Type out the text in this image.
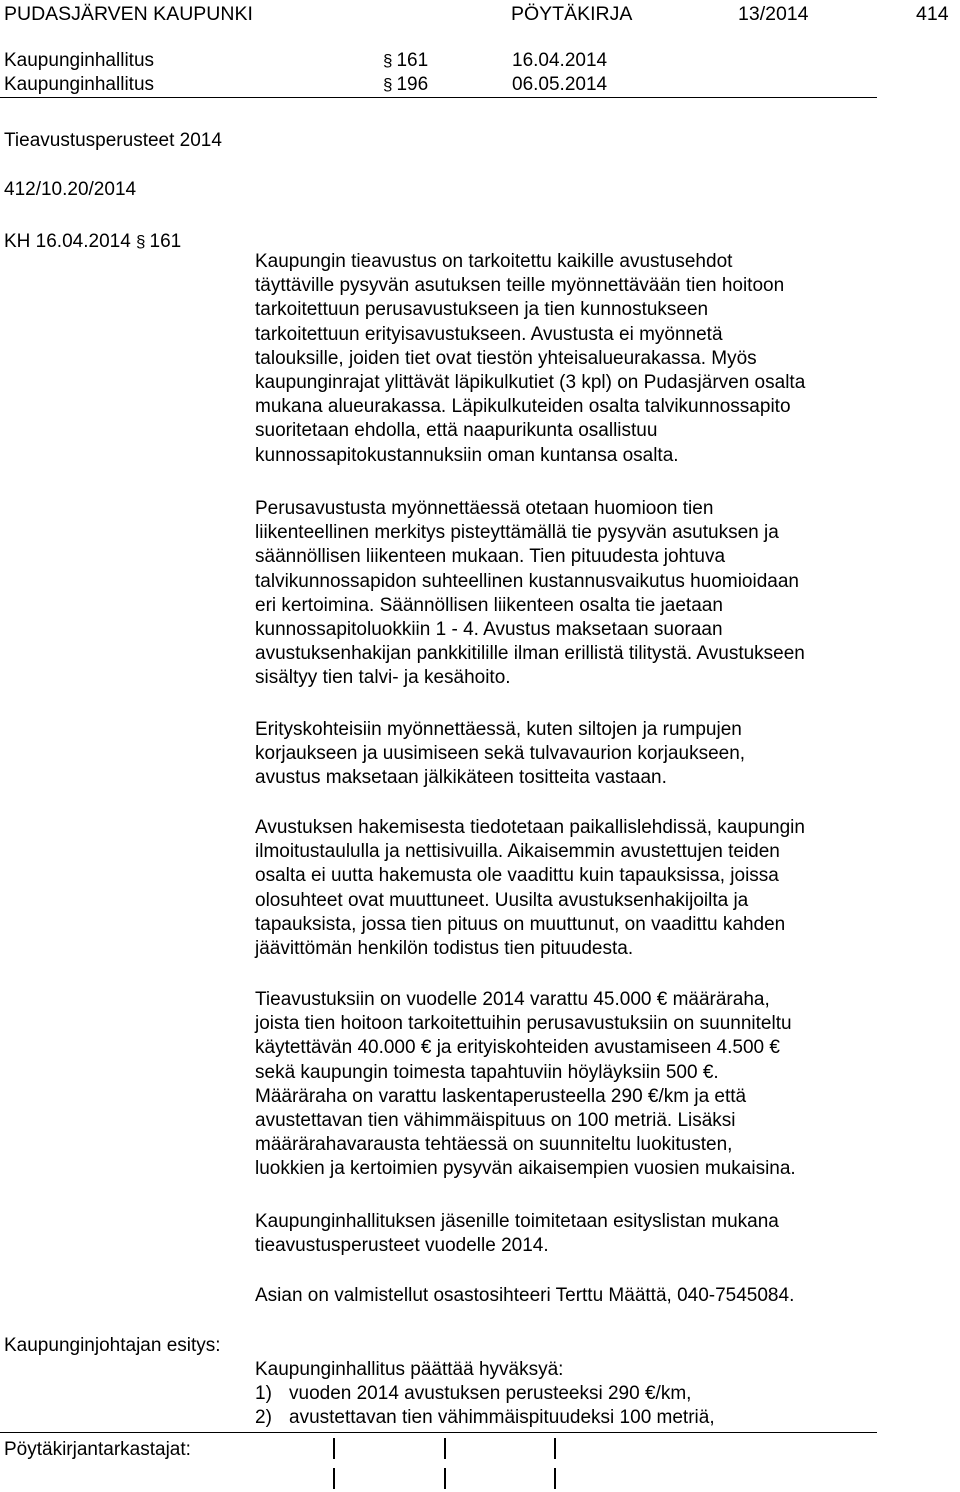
PUDASJÄRVEN KAUPUNKI	PÖYTÄKIRJA	13/2014	414
Kaupunginhallitus	§ 161	16.04.2014
Kaupunginhallitus	§ 196	06.05.2014
Tieavustusperusteet 2014
412/10.20/2014
KH 16.04.2014 § 161

Kaupungin tieavustus on tarkoitettu kaikille avustusehdot

täyttäville pysyvän asutuksen teille myönnettävään tien hoitoon

tarkoitettuun perusavustukseen ja tien kunnostukseen

tarkoitettuun erityisavustukseen. Avustusta ei myönnetä

talouksille, joiden tiet ovat tiestön yhteisalueurakassa. Myös

kaupunginrajat ylittävät läpikulkutiet (3 kpl) on Pudasjärven osalta

mukana alueurakassa. Läpikulkuteiden osalta talvikunnossapito

suoritetaan ehdolla, että naapurikunta osallistuu

kunnossapitokustannuksiin oman kuntansa osalta.

Perusavustusta myönnettäessä otetaan huomioon tien

liikenteellinen merkitys pisteyttämällä tie pysyvän asutuksen ja

säännöllisen liikenteen mukaan. Tien pituudesta johtuva

talvikunnossapidon suhteellinen kustannusvaikutus huomioidaan

eri kertoimina. Säännöllisen liikenteen osalta tie jaetaan

kunnossapitoluokkiin 1 - 4. Avustus maksetaan suoraan

avustuksenhakijan pankkitilille ilman erillistä tilitystä. Avustukseen

sisältyy tien talvi- ja kesähoito.

Erityskohteisiin myönnettäessä, kuten siltojen ja rumpujen

korjaukseen ja uusimiseen sekä tulvavaurion korjaukseen,

avustus maksetaan jälkikäteen tositteita vastaan.

Avustuksen hakemisesta tiedotetaan paikallislehdissä, kaupungin

ilmoitustaululla ja nettisivuilla. Aikaisemmin avustettujen teiden

osalta ei uutta hakemusta ole vaadittu kuin tapauksissa, joissa

olosuhteet ovat muuttuneet. Uusilta avustuksenhakijoilta ja

tapauksista, jossa tien pituus on muuttunut, on vaadittu kahden

jäävittömän henkilön todistus tien pituudesta.

Tieavustuksiin on vuodelle 2014 varattu 45.000 € määräraha,

joista tien hoitoon tarkoitettuihin perusavustuksiin on suunniteltu

käytettävän 40.000 € ja erityiskohteiden avustamiseen 4.500 €

sekä kaupungin toimesta tapahtuviin höyläyksiin 500 €.

Määräraha on varattu laskentaperusteella 290 €/km ja että

avustettavan tien vähimmäispituus on 100 metriä. Lisäksi

määrärahavarausta tehtäessä on suunniteltu luokitusten,

luokkien ja kertoimien pysyvän aikaisempien vuosien mukaisina.

Kaupunginhallituksen jäsenille toimitetaan esityslistan mukana

tieavustusperusteet vuodelle 2014.

Asian on valmistellut osastosihteeri Terttu Määttä, 040-7545084.

Kaupunginjohtajan esitys:
Kaupunginhallitus päättää hyväksyä:
1) vuoden 2014 avustuksen perusteeksi 290 €/km,
2) avustettavan tien vähimmäispituudeksi 100 metriä,
Pöytäkirjantarkastajat:
